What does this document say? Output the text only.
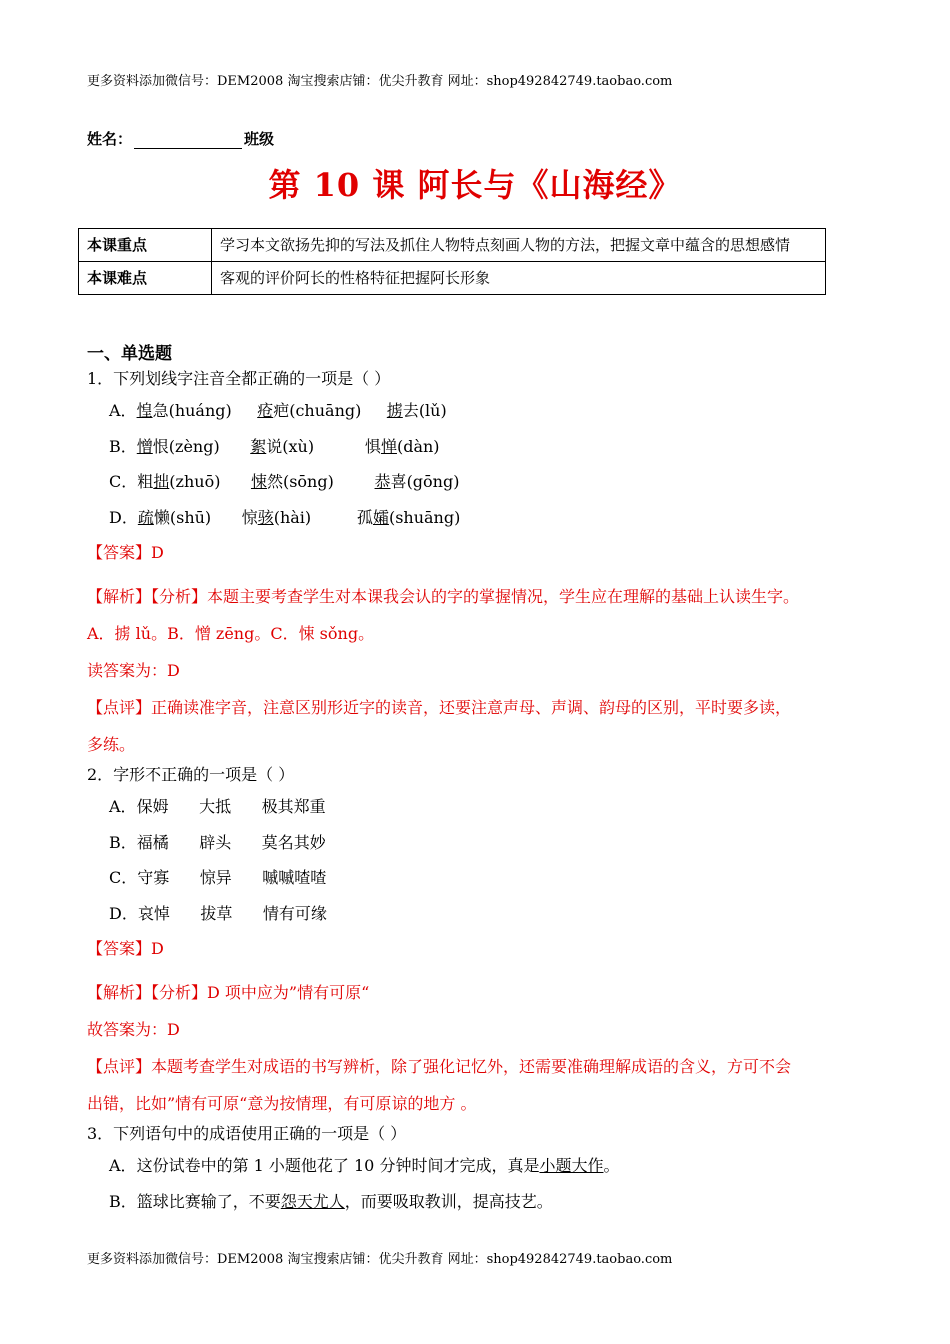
更多资料添加微信号：DEM2008 淘宝搜索店铺：优尖升教育 网址：shop492842749.taobao.com
姓名：	班级
第 10 课 阿长与《山海经》
本课重点	学习本文欲扬先抑的写法及抓住人物特点刻画人物的方法，把握文章中蕴含的思想感情
本课难点	客观的评价阿长的性格特征把握阿长形象
一、单选题
1．下列划线字注音全都正确的一项是（ ）
A．惶急(huáng)     疮疤(chuāng)     掳去(lǔ)
B．憎恨(zèng)      絮说(xù)          惧惮(dàn)
C．粗拙(zhuō)      悚然(sōng)        恭喜(gōng)
D．疏懒(shū)      惊骇(hài)         孤孀(shuāng)
【答案】D
【解析】【分析】本题主要考查学生对本课我会认的字的掌握情况，学生应在理解的基础上认读生字。
A．掳 lǔ。B．憎 zēng。C．悚 sǒng。
读答案为：D
【点评】正确读准字音，注意区别形近字的读音，还要注意声母、声调、韵母的区别，平时要多读，
多练。
2．字形不正确的一项是（ ）
A．保姆      大抵      极其郑重
B．福橘      辟头      莫名其妙
C．守寡      惊异      嘁嘁喳喳
D．哀悼      拔草      情有可缘
【答案】D
【解析】【分析】D 项中应为”情有可原“
故答案为：D
【点评】本题考查学生对成语的书写辨析，除了强化记忆外，还需要准确理解成语的含义，方可不会
出错，比如”情有可原“意为按情理，有可原谅的地方 。
3．下列语句中的成语使用正确的一项是（ ）
A．这份试卷中的第 1 小题他花了 10 分钟时间才完成，真是小题大作。
B．篮球比赛输了，不要怨天尤人，而要吸取教训，提高技艺。
更多资料添加微信号：DEM2008 淘宝搜索店铺：优尖升教育 网址：shop492842749.taobao.com
